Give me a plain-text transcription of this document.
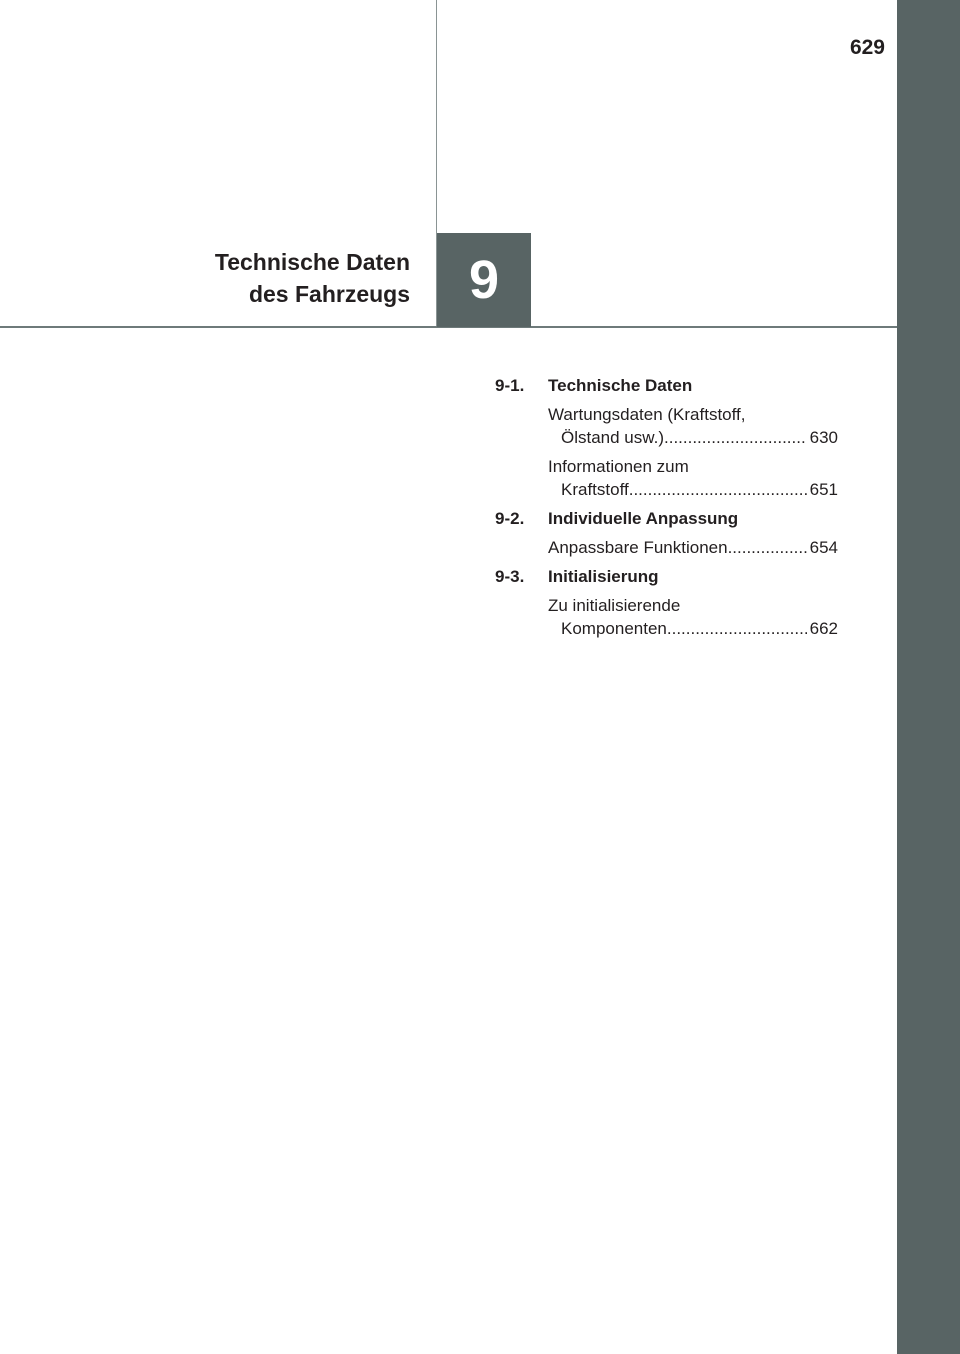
629
Technische Daten
des Fahrzeugs 9
9-1. Technische Daten
Wartungsdaten (Kraftstoff,
Ölstand usw.) .....	630
Informationen zum
Kraftstoff .....	651
9-2. Individuelle Anpassung
Anpassbare Funktionen .....	654
9-3. Initialisierung
Zu initialisierende
Komponenten .....	662
